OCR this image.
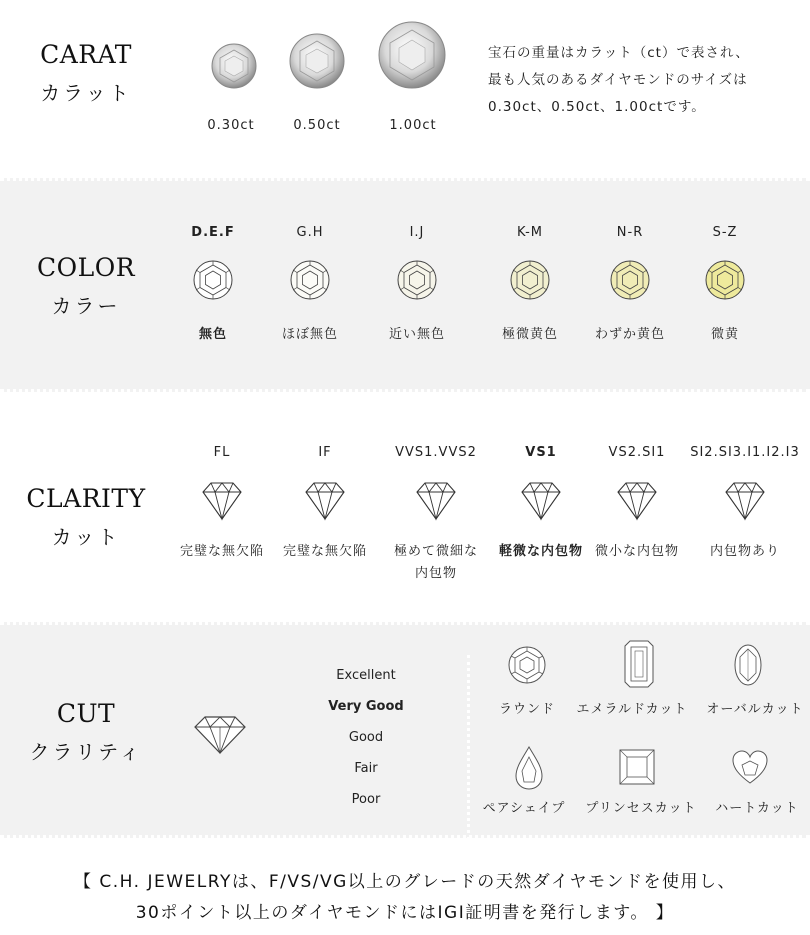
CARAT
カラット
0.30ct	0.50ct	1.00ct
宝石の重量はカラット（ct）で表され、
最も人気のあるダイヤモンドのサイズは
0.30ct、0.50ct、1.00ctです。
COLOR
カラー
D.E.F
無色
G.H
ほぼ無色
I.J
近い無色
K-M
極微黄色
N-R
わずか黄色
S-Z
微黄
CLARITY
カット
FL
完璧な無欠陥
IF
完璧な無欠陥
VVS1.VVS2
極めて微細な
内包物
VS1
軽微な内包物
VS2.SI1
微小な内包物
SI2.SI3.I1.I2.I3
内包物あり
CUT
クラリティ
Excellent
Very Good
Good
Fair
Poor
ラウンド エメラルドカット オーバルカット
ペアシェイプ プリンセスカット ハートカット
【 C.H. JEWELRYは、F/VS/VG以上のグレードの天然ダイヤモンドを使用し、
30ポイント以上のダイヤモンドにはIGI証明書を発行します。 】
